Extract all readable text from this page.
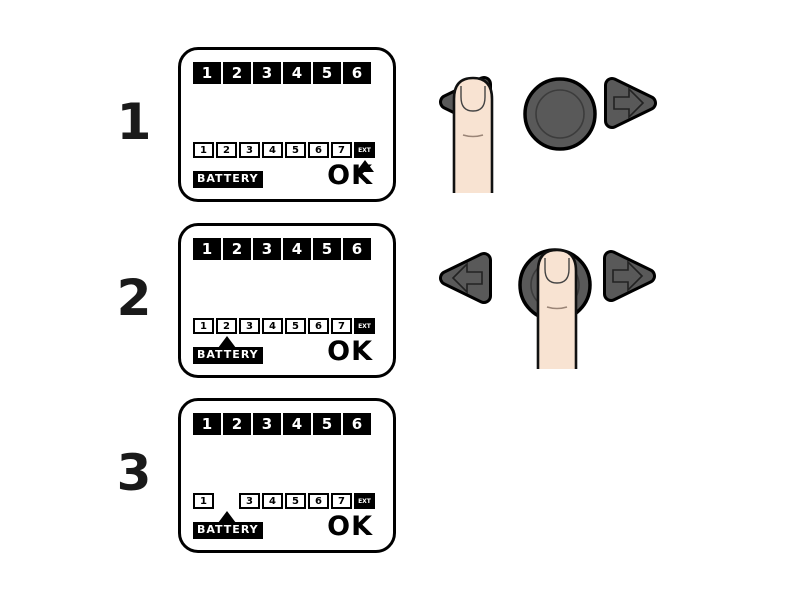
1
2
3
1	2	3	4	5	6
1	2	3	4	5	6	7	EXT
BATTERY	OK
1	2	3	4	5	6
1	2	3	4	5	6	7	EXT
BATTERY	OK
1	2	3	4	5	6
1	3	4	5	6	7	EXT
BATTERY	OK
